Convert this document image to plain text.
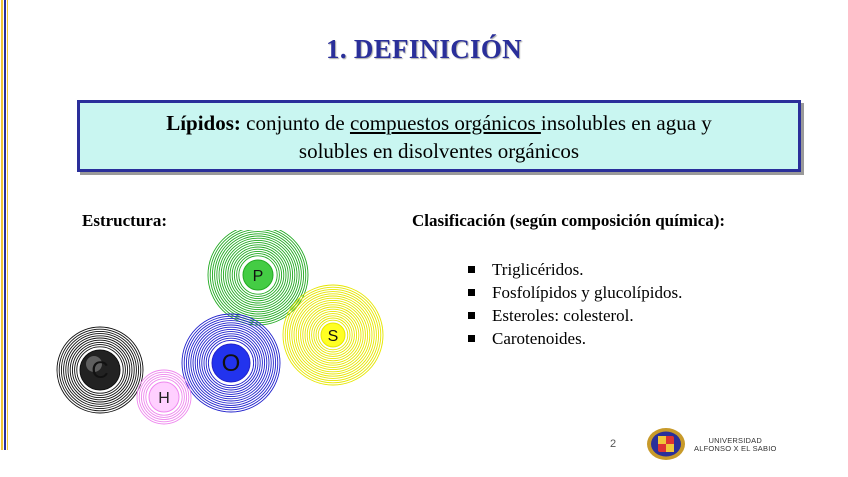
1. DEFINICIÓN
Lípidos: conjunto de compuestos orgánicos insolubles en agua y
solubles en disolventes orgánicos
Estructura:
P
S
O
C
H
Clasificación (según composición química):
Triglicéridos.
Fosfolípidos y glucolípidos.
Esteroles: colesterol.
Carotenoides.
2	UNIVERSIDAD
ALFONSO X EL SABIO
